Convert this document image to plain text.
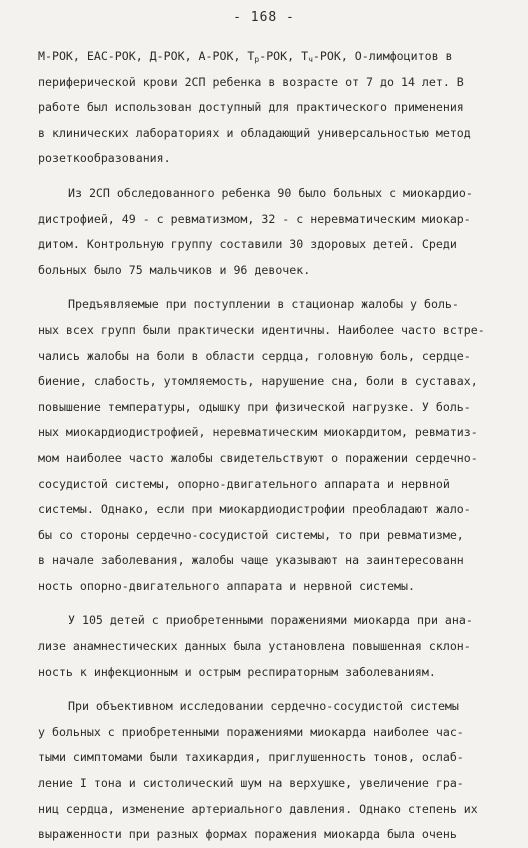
- 168 -
М-РОК, ЕАС-РОК, Д-РОК, А-РОК, $Т_р$-РОК, $Т_ч$-РОК, О-лимфоцитов в
периферической крови 2СП ребенка в возрасте от 7 до 14 лет. В
работе был использован доступный для практического применения
в клинических лабораториях и обладающий универсальностью метод
розеткообразования.
Из 2СП обследованного ребенка 90 было больных с миокардио-
дистрофией, 49 - с ревматизмом, 32 - с неревматическим миокар-
дитом. Контрольную группу составили 30 здоровых детей. Среди
больных было 75 мальчиков и 96 девочек.
Предъявляемые при поступлении в стационар жалобы у боль-
ных всех групп были практически идентичны. Наиболее часто встре-
чались жалобы на боли в области сердца, головную боль, сердце-
биение, слабость, утомляемость, нарушение сна, боли в суставах,
повышение температуры, одышку при физической нагрузке. У боль-
ных миокардиодистрофией, неревматическим миокардитом, ревматиз-
мом наиболее часто жалобы свидетельствуют о поражении сердечно-
сосудистой системы, опорно-двигательного аппарата и нервной
системы. Однако, если при миокардиодистрофии преобладают жало-
бы со стороны сердечно-сосудистой системы, то при ревматизме,
в начале заболевания, жалобы чаще указывают на заинтересованн
ность опорно-двигательного аппарата и нервной системы.
У 105 детей с приобретенными поражениями миокарда при ана-
лизе анамнестических данных была установлена повышенная склон-
ность к инфекционным и острым респираторным заболеваниям.
При объективном исследовании сердечно-сосудистой системы
у больных с приобретенными поражениями миокарда наиболее час-
тыми симптомами были тахикардия, приглушенность тонов, ослаб-
ление I тона и систолический шум на верхушке, увеличение гра-
ниц сердца, изменение артериального давления. Однако степень их
выраженности при разных формах поражения миокарда была очень
